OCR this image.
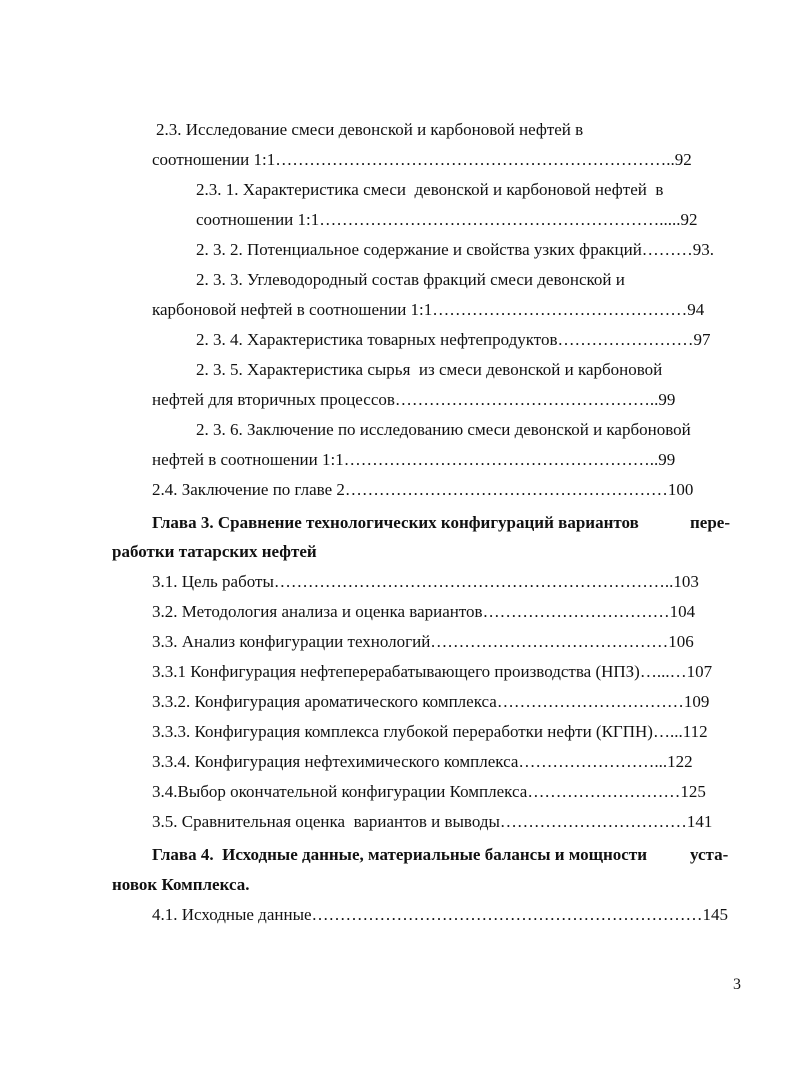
2.3. Исследование смеси девонской и карбоновой нефтей в
соотношении 1:1……………………………………………………………..92
2.3. 1. Характеристика смеси  девонской и карбоновой нефтей  в
соотношении 1:1…………………………………………………….....92
2. 3. 2. Потенциальное содержание и свойства узких фракций………93.
2. 3. 3. Углеводородный состав фракций смеси девонской и
карбоновой нефтей в соотношении 1:1………………………………………94
2. 3. 4. Характеристика товарных нефтепродуктов……………………97
2. 3. 5. Характеристика сырья  из смеси девонской и карбоновой
нефтей для вторичных процессов………………………………………..99
2. 3. 6. Заключение по исследованию смеси девонской и карбоновой
нефтей в соотношении 1:1………………………………………………..99
2.4. Заключение по главе 2…………………………………………………100
Глава 3. Сравнение технологических конфигураций вариантов	пере-
работки татарских нефтей
3.1. Цель работы……………………………………………………………..103
3.2. Методология анализа и оценка вариантов……………………………104
3.3. Анализ конфигурации технологий……………………………………106
3.3.1 Конфигурация нефтеперерабатывающего производства (НПЗ)…...…107
3.3.2. Конфигурация ароматического комплекса……………………………109
3.3.3. Конфигурация комплекса глубокой переработки нефти (КГПН)…...112
3.3.4. Конфигурация нефтехимического комплекса……………………...122
3.4.Выбор окончательной конфигурации Комплекса………………………125
3.5. Сравнительная оценка  вариантов и выводы……………………………141
Глава 4.  Исходные данные, материальные балансы и мощности	уста-
новок Комплекса.
4.1. Исходные данные……………………………………………………………145
3
